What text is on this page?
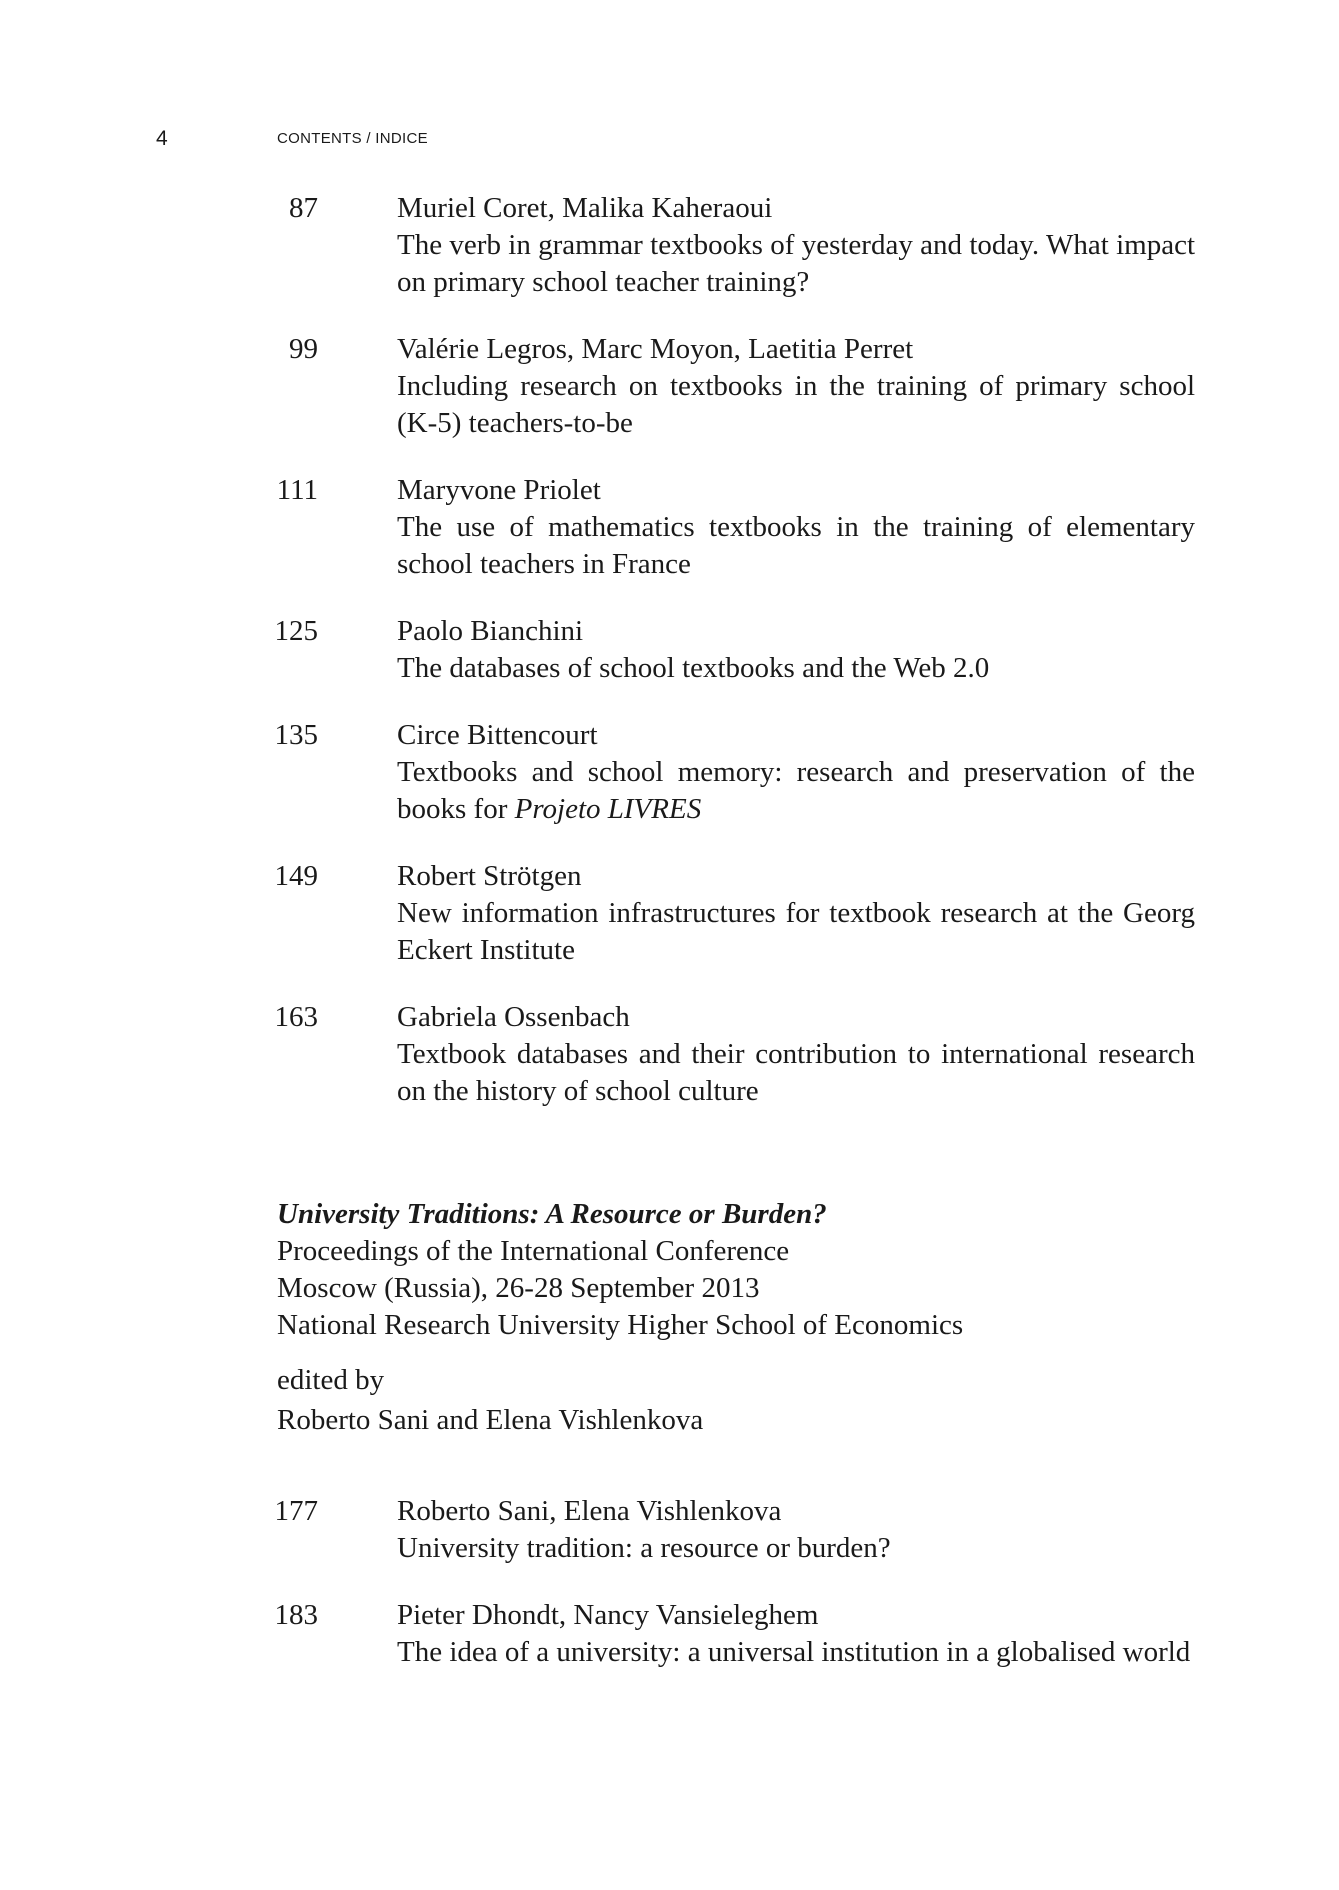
4	CONTENTS / INDICE
87	Muriel Coret, Malika Kaheraoui
The verb in grammar textbooks of yesterday and today. What impact on primary school teacher training?
99	Valérie Legros, Marc Moyon, Laetitia Perret
Including research on textbooks in the training of primary school (K-5) teachers-to-be
111	Maryvone Priolet
The use of mathematics textbooks in the training of elementary school teachers in France
125	Paolo Bianchini
The databases of school textbooks and the Web 2.0
135	Circe Bittencourt
Textbooks and school memory: research and preservation of the books for Projeto LIVRES
149	Robert Strötgen
New information infrastructures for textbook research at the Georg Eckert Institute
163	Gabriela Ossenbach
Textbook databases and their contribution to international research on the history of school culture
University Traditions: A Resource or Burden?
Proceedings of the International Conference
Moscow (Russia), 26-28 September 2013
National Research University Higher School of Economics
edited by
Roberto Sani and Elena Vishlenkova
177	Roberto Sani, Elena Vishlenkova
University tradition: a resource or burden?
183	Pieter Dhondt, Nancy Vansieleghem
The idea of a university: a universal institution in a globalised world
